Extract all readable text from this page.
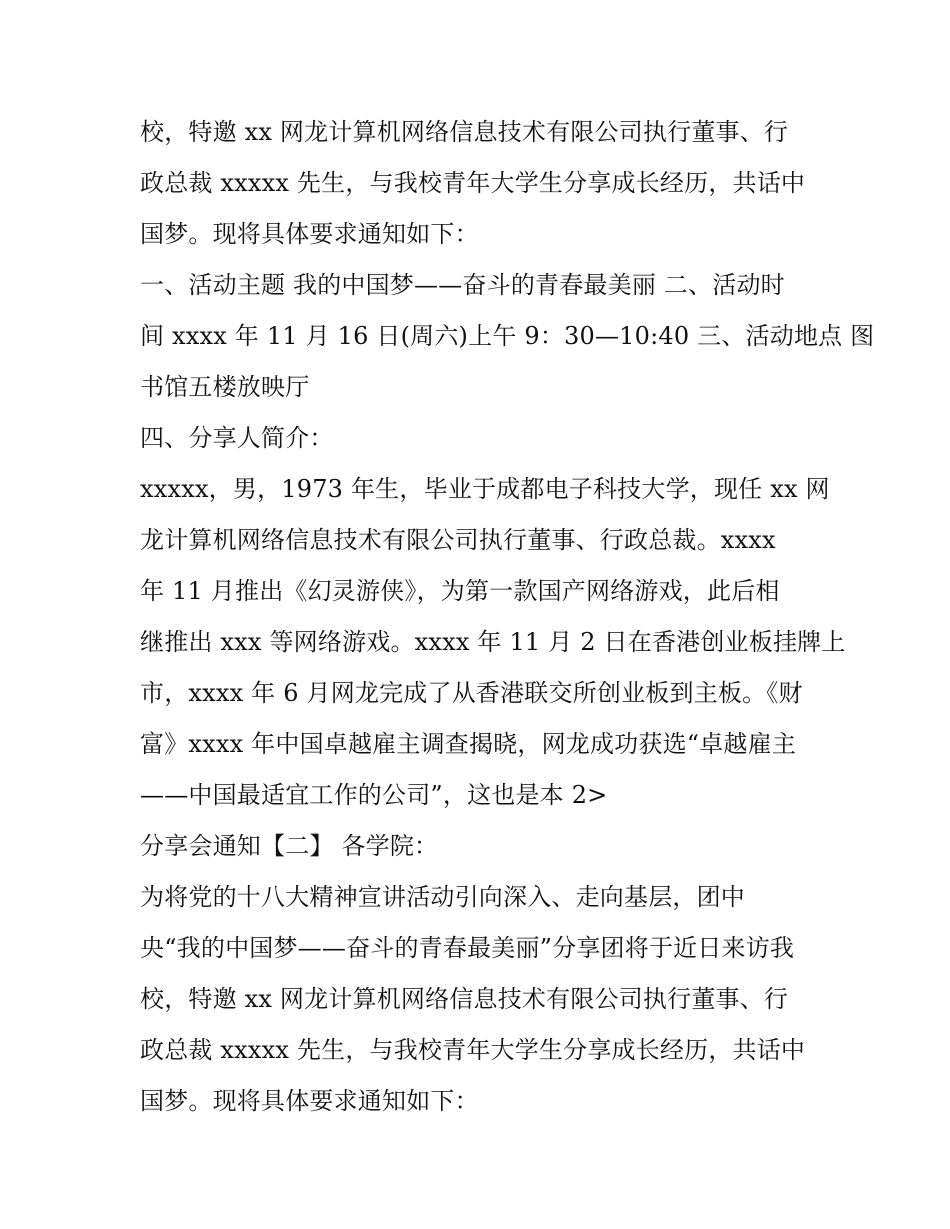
校，特邀 xx 网龙计算机网络信息技术有限公司执行董事、行
政总裁 xxxxx 先生，与我校青年大学生分享成长经历，共话中
国梦。现将具体要求通知如下：
一、活动主题 我的中国梦——奋斗的青春最美丽 二、活动时
间 xxxx 年 11 月 16 日(周六)上午 9：30—10:40 三、活动地点 图
书馆五楼放映厅
四、分享人简介：
xxxxx，男，1973 年生，毕业于成都电子科技大学，现任 xx 网
龙计算机网络信息技术有限公司执行董事、行政总裁。xxxx
年 11 月推出《幻灵游侠》，为第一款国产网络游戏，此后相
继推出 xxx 等网络游戏。xxxx 年 11 月 2 日在香港创业板挂牌上
市，xxxx 年 6 月网龙完成了从香港联交所创业板到主板。《财
富》xxxx 年中国卓越雇主调查揭晓，网龙成功获选“卓越雇主
——中国最适宜工作的公司”，这也是本 2>
分享会通知【二】 各学院：
为将党的十八大精神宣讲活动引向深入、走向基层，团中
央“我的中国梦——奋斗的青春最美丽”分享团将于近日来访我
校，特邀 xx 网龙计算机网络信息技术有限公司执行董事、行
政总裁 xxxxx 先生，与我校青年大学生分享成长经历，共话中
国梦。现将具体要求通知如下：
